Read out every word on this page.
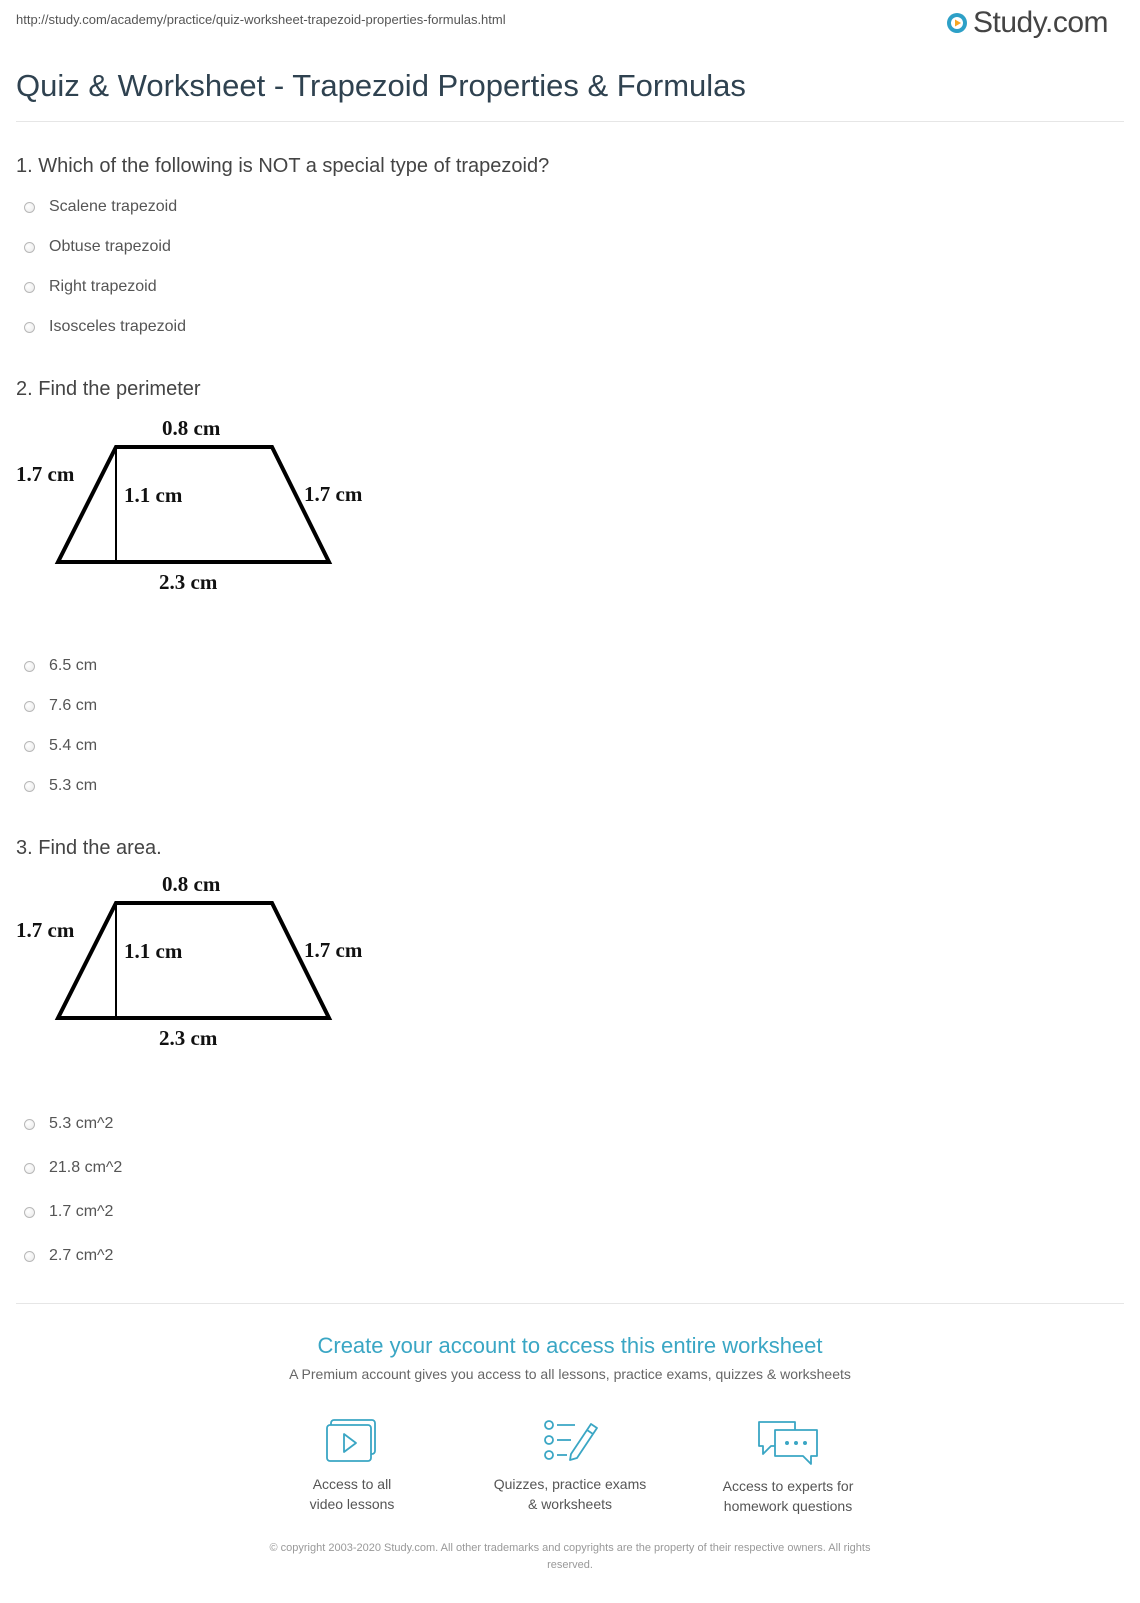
http://study.com/academy/practice/quiz-worksheet-trapezoid-properties-formulas.html	Study.com
Quiz & Worksheet - Trapezoid Properties & Formulas
1. Which of the following is NOT a special type of trapezoid?
Scalene trapezoid
Obtuse trapezoid
Right trapezoid
Isosceles trapezoid
2. Find the perimeter
0.8 cm
1.7 cm
1.1 cm	1.7 cm
2.3 cm
6.5 cm
7.6 cm
5.4 cm
5.3 cm
3. Find the area.
0.8 cm
1.7 cm
1.1 cm	1.7 cm
2.3 cm
5.3 cm^2
21.8 cm^2
1.7 cm^2
2.7 cm^2
Create your account to access this entire worksheet
A Premium account gives you access to all lessons, practice exams, quizzes & worksheets
Access to all
video lessons
Quizzes, practice exams
& worksheets
Access to experts for
homework questions
© copyright 2003-2020 Study.com. All other trademarks and copyrights are the property of their respective owners. All rights
reserved.
